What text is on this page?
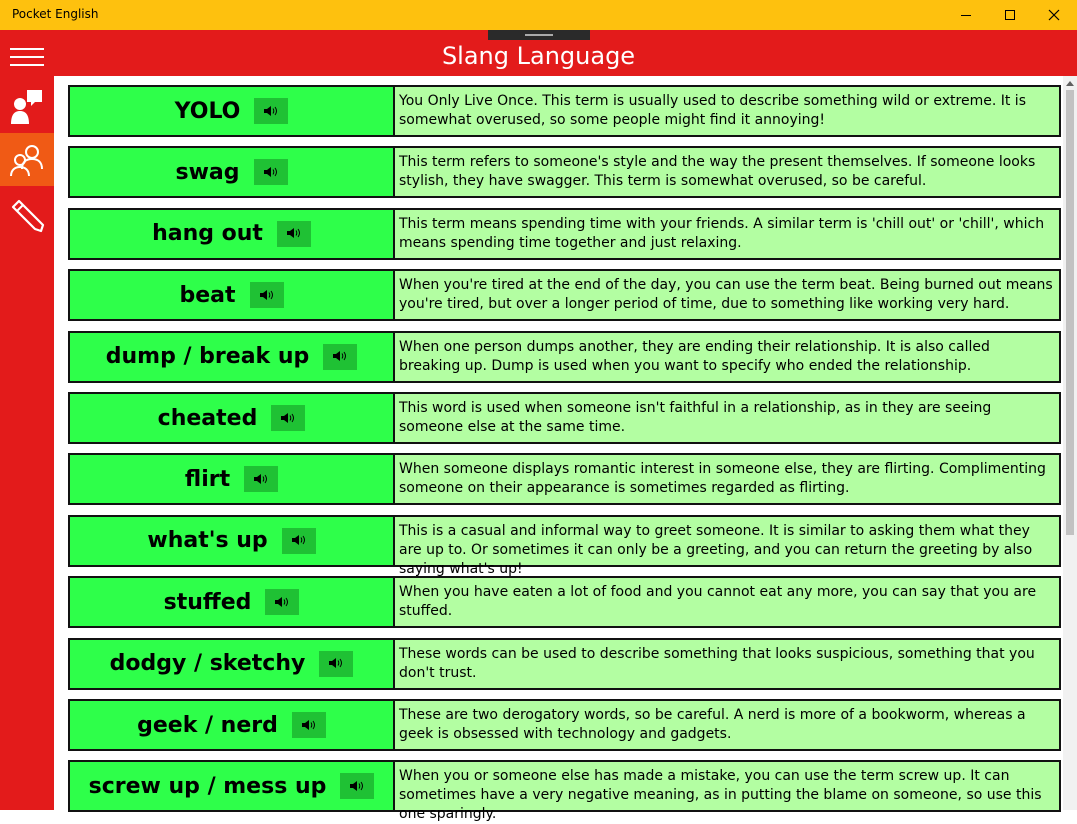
Pocket English
Slang Language
YOLO	You Only Live Once. This term is usually used to describe something wild or extreme. It is somewhat overused, so some people might find it annoying!
swag	This term refers to someone's style and the way the present themselves. If someone looks stylish, they have swagger. This term is somewhat overused, so be careful.
hang out	This term means spending time with your friends. A similar term is 'chill out' or 'chill', which means spending time together and just relaxing.
beat	When you're tired at the end of the day, you can use the term beat. Being burned out means you're tired, but over a longer period of time, due to something like working very hard.
dump / break up	When one person dumps another, they are ending their relationship. It is also called breaking up. Dump is used when you want to specify who ended the relationship.
cheated	This word is used when someone isn't faithful in a relationship, as in they are seeing someone else at the same time.
flirt	When someone displays romantic interest in someone else, they are flirting. Complimenting someone on their appearance is sometimes regarded as flirting.
what's up	This is a casual and informal way to greet someone. It is similar to asking them what they are up to. Or sometimes it can only be a greeting, and you can return the greeting by also saying what's up!
stuffed	When you have eaten a lot of food and you cannot eat any more, you can say that you are stuffed.
dodgy / sketchy	These words can be used to describe something that looks suspicious, something that you don't trust.
geek / nerd	These are two derogatory words, so be careful. A nerd is more of a bookworm, whereas a geek is obsessed with technology and gadgets.
screw up / mess up	When you or someone else has made a mistake, you can use the term screw up. It can sometimes have a very negative meaning, as in putting the blame on someone, so use this one sparingly.
